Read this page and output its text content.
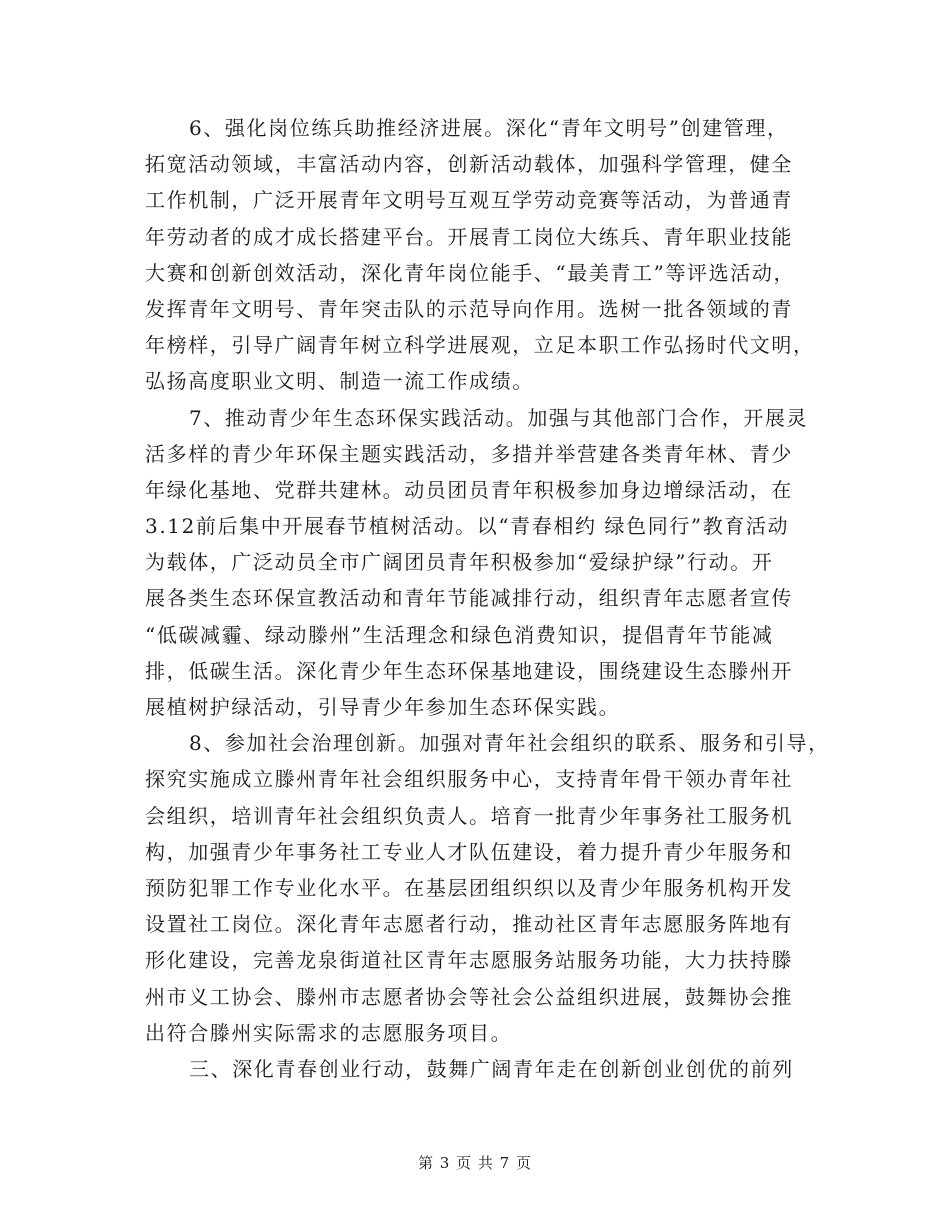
6、强化岗位练兵助推经济进展。深化“青年文明号”创建管理，
拓宽活动领域，丰富活动内容，创新活动载体，加强科学管理，健全
工作机制，广泛开展青年文明号互观互学劳动竞赛等活动，为普通青
年劳动者的成才成长搭建平台。开展青工岗位大练兵、青年职业技能
大赛和创新创效活动，深化青年岗位能手、“最美青工”等评选活动，
发挥青年文明号、青年突击队的示范导向作用。选树一批各领域的青
年榜样，引导广阔青年树立科学进展观，立足本职工作弘扬时代文明，
弘扬高度职业文明、制造一流工作成绩。
7、推动青少年生态环保实践活动。加强与其他部门合作，开展灵
活多样的青少年环保主题实践活动，多措并举营建各类青年林、青少
年绿化基地、党群共建林。动员团员青年积极参加身边增绿活动，在
3.12前后集中开展春节植树活动。以“青春相约 绿色同行”教育活动
为载体，广泛动员全市广阔团员青年积极参加“爱绿护绿”行动。开
展各类生态环保宣教活动和青年节能减排行动，组织青年志愿者宣传
“低碳减霾、绿动滕州”生活理念和绿色消费知识，提倡青年节能减
排，低碳生活。深化青少年生态环保基地建设，围绕建设生态滕州开
展植树护绿活动，引导青少年参加生态环保实践。
8、参加社会治理创新。加强对青年社会组织的联系、服务和引导，
探究实施成立滕州青年社会组织服务中心，支持青年骨干领办青年社
会组织，培训青年社会组织负责人。培育一批青少年事务社工服务机
构，加强青少年事务社工专业人才队伍建设，着力提升青少年服务和
预防犯罪工作专业化水平。在基层团组织织以及青少年服务机构开发
设置社工岗位。深化青年志愿者行动，推动社区青年志愿服务阵地有
形化建设，完善龙泉街道社区青年志愿服务站服务功能，大力扶持滕
州市义工协会、滕州市志愿者协会等社会公益组织进展，鼓舞协会推
出符合滕州实际需求的志愿服务项目。
三、深化青春创业行动，鼓舞广阔青年走在创新创业创优的前列
第 3 页 共 7 页
